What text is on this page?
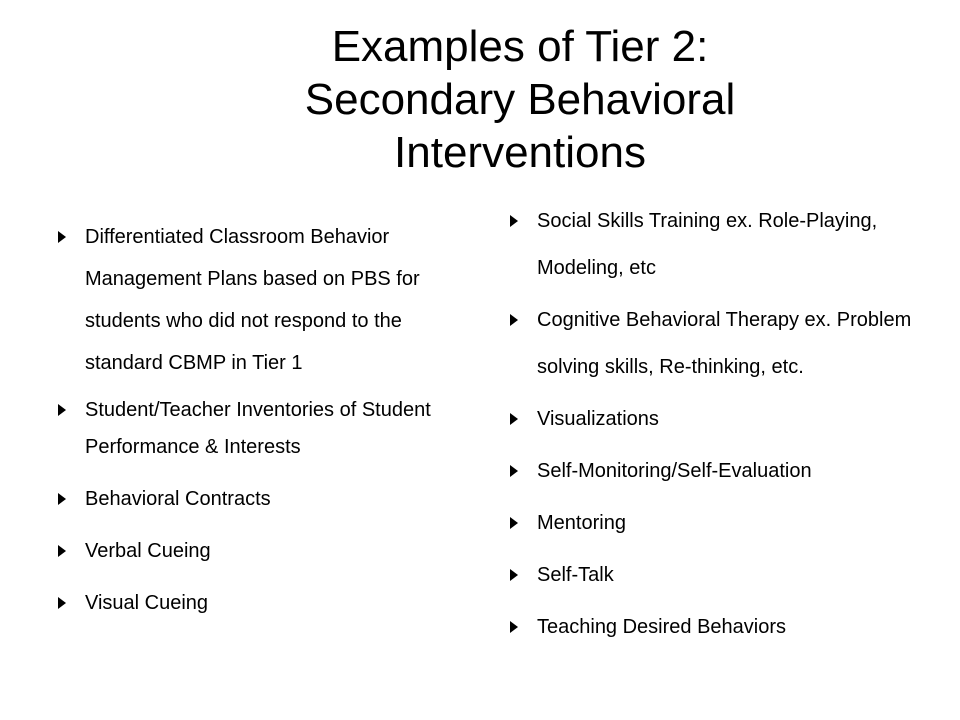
Examples of Tier 2:
Secondary Behavioral
Interventions
Differentiated Classroom Behavior Management Plans based on PBS for students who did not respond to the standard CBMP in Tier 1
Student/Teacher Inventories of Student Performance & Interests
Behavioral Contracts
Verbal Cueing
Visual Cueing
Social Skills Training ex. Role-Playing, Modeling, etc
Cognitive Behavioral Therapy ex. Problem solving skills, Re-thinking, etc.
Visualizations
Self-Monitoring/Self-Evaluation
Mentoring
Self-Talk
Teaching Desired Behaviors
